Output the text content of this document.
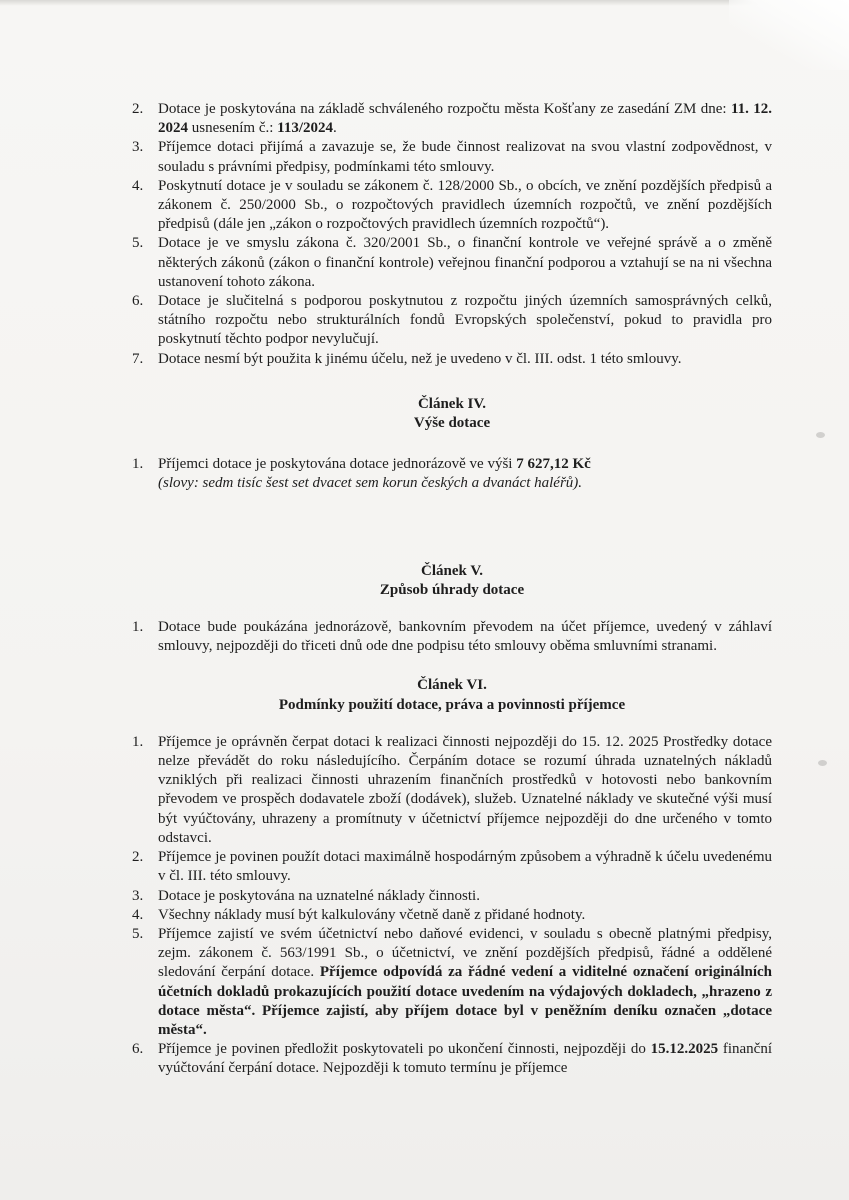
2. Dotace je poskytována na základě schváleného rozpočtu města Košťany ze zasedání ZM dne: 11. 12. 2024 usnesením č.: 113/2024.
3. Příjemce dotaci přijímá a zavazuje se, že bude činnost realizovat na svou vlastní zodpovědnost, v souladu s právními předpisy, podmínkami této smlouvy.
4. Poskytnutí dotace je v souladu se zákonem č. 128/2000 Sb., o obcích, ve znění pozdějších předpisů a zákonem č. 250/2000 Sb., o rozpočtových pravidlech územních rozpočtů, ve znění pozdějších předpisů (dále jen „zákon o rozpočtových pravidlech územních rozpočtů“).
5. Dotace je ve smyslu zákona č. 320/2001 Sb., o finanční kontrole ve veřejné správě a o změně některých zákonů (zákon o finanční kontrole) veřejnou finanční podporou a vztahují se na ni všechna ustanovení tohoto zákona.
6. Dotace je slučitelná s podporou poskytnutou z rozpočtu jiných územních samosprávných celků, státního rozpočtu nebo strukturálních fondů Evropských společenství, pokud to pravidla pro poskytnutí těchto podpor nevylučují.
7. Dotace nesmí být použita k jinému účelu, než je uvedeno v čl. III. odst. 1 této smlouvy.

Článek IV.

Výše dotace

1. Příjemci dotace je poskytována dotace jednorázově ve výši 7 627,12 Kč
(slovy: sedm tisíc šest set dvacet sem korun českých a dvanáct haléřů).

Článek V.

Způsob úhrady dotace

1. Dotace bude poukázána jednorázově, bankovním převodem na účet příjemce, uvedený v záhlaví smlouvy, nejpozději do třiceti dnů ode dne podpisu této smlouvy oběma smluvními stranami.

Článek VI.

Podmínky použití dotace, práva a povinnosti příjemce

1. Příjemce je oprávněn čerpat dotaci k realizaci činnosti nejpozději do 15. 12. 2025 Prostředky dotace nelze převádět do roku následujícího. Čerpáním dotace se rozumí úhrada uznatelných nákladů vzniklých při realizaci činnosti uhrazením finančních prostředků v hotovosti nebo bankovním převodem ve prospěch dodavatele zboží (dodávek), služeb. Uznatelné náklady ve skutečné výši musí být vyúčtovány, uhrazeny a promítnuty v účetnictví příjemce nejpozději do dne určeného v tomto odstavci.
2. Příjemce je povinen použít dotaci maximálně hospodárným způsobem a výhradně k účelu uvedenému v čl. III. této smlouvy.
3. Dotace je poskytována na uznatelné náklady činnosti.
4. Všechny náklady musí být kalkulovány včetně daně z přidané hodnoty.
5. Příjemce zajistí ve svém účetnictví nebo daňové evidenci, v souladu s obecně platnými předpisy, zejm. zákonem č. 563/1991 Sb., o účetnictví, ve znění pozdějších předpisů, řádné a oddělené sledování čerpání dotace. Příjemce odpovídá za řádné vedení a viditelné označení originálních účetních dokladů prokazujících použití dotace uvedením na výdajových dokladech, „hrazeno z dotace města“. Příjemce zajistí, aby příjem dotace byl v peněžním deníku označen „dotace města“.
6. Příjemce je povinen předložit poskytovateli po ukončení činnosti, nejpozději do 15.12.2025 finanční vyúčtování čerpání dotace. Nejpozději k tomuto termínu je příjemce
